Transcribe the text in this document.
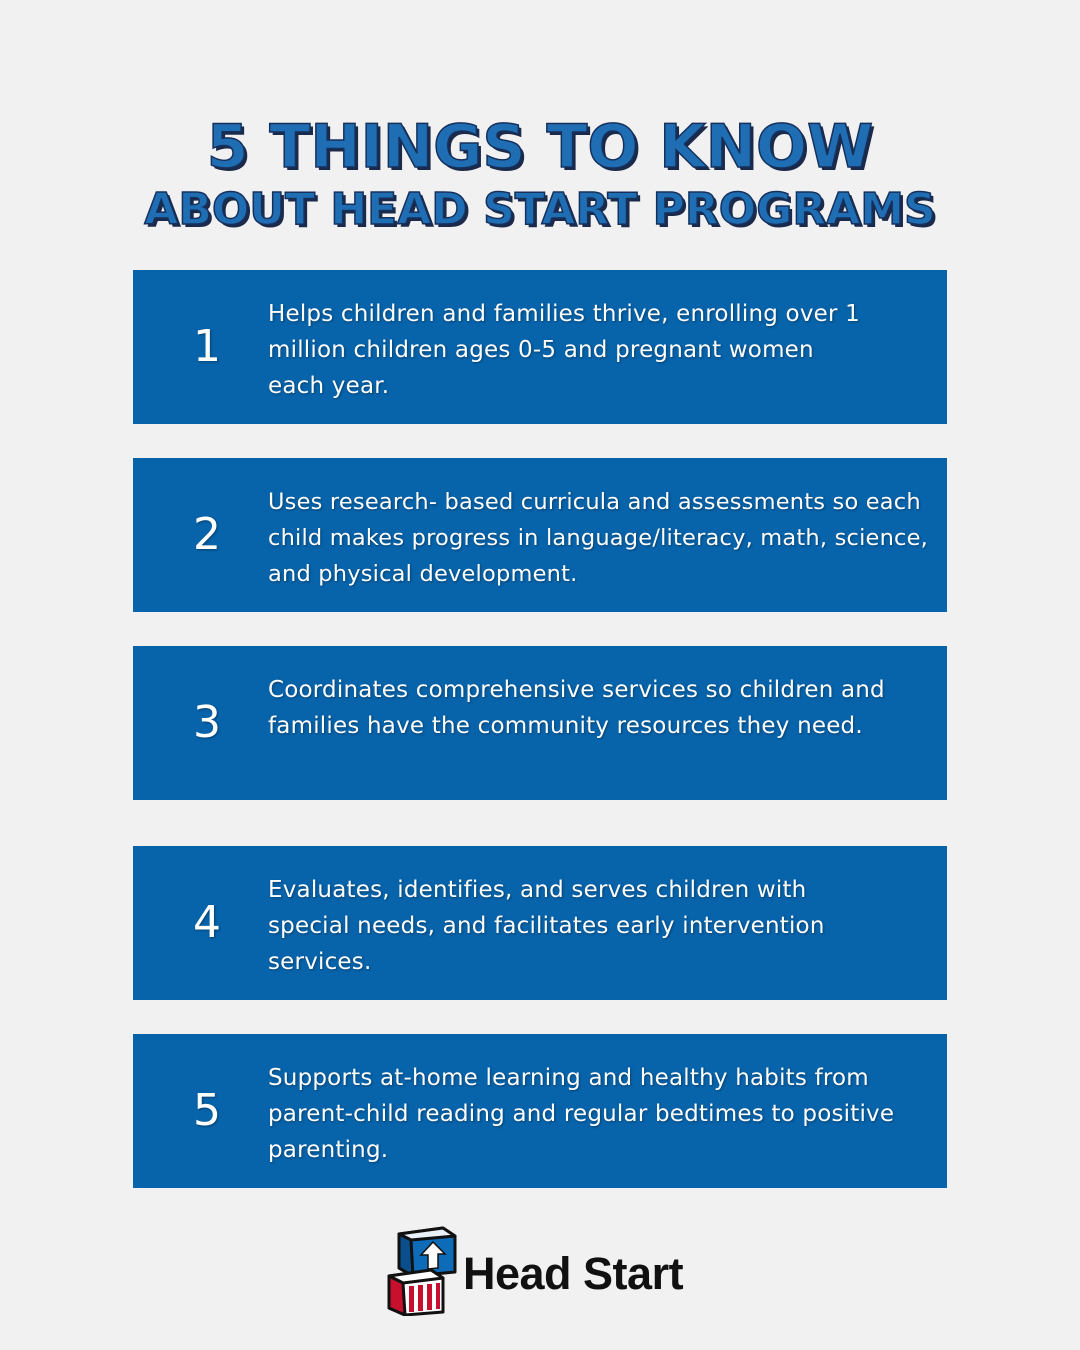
5 THINGS TO KNOW
ABOUT HEAD START PROGRAMS
1
Helps children and families thrive, enrolling over 1 million children ages 0-5 and pregnant women each year.
2
Uses research- based curricula and assessments so each child makes progress in language/literacy, math, science, and physical development.
3
Coordinates comprehensive services so children and families have the community resources they need.
4
Evaluates, identifies, and serves children with special needs, and facilitates early intervention services.
5
Supports at-home learning and healthy habits from parent-child reading and regular bedtimes to positive parenting.
Head Start
